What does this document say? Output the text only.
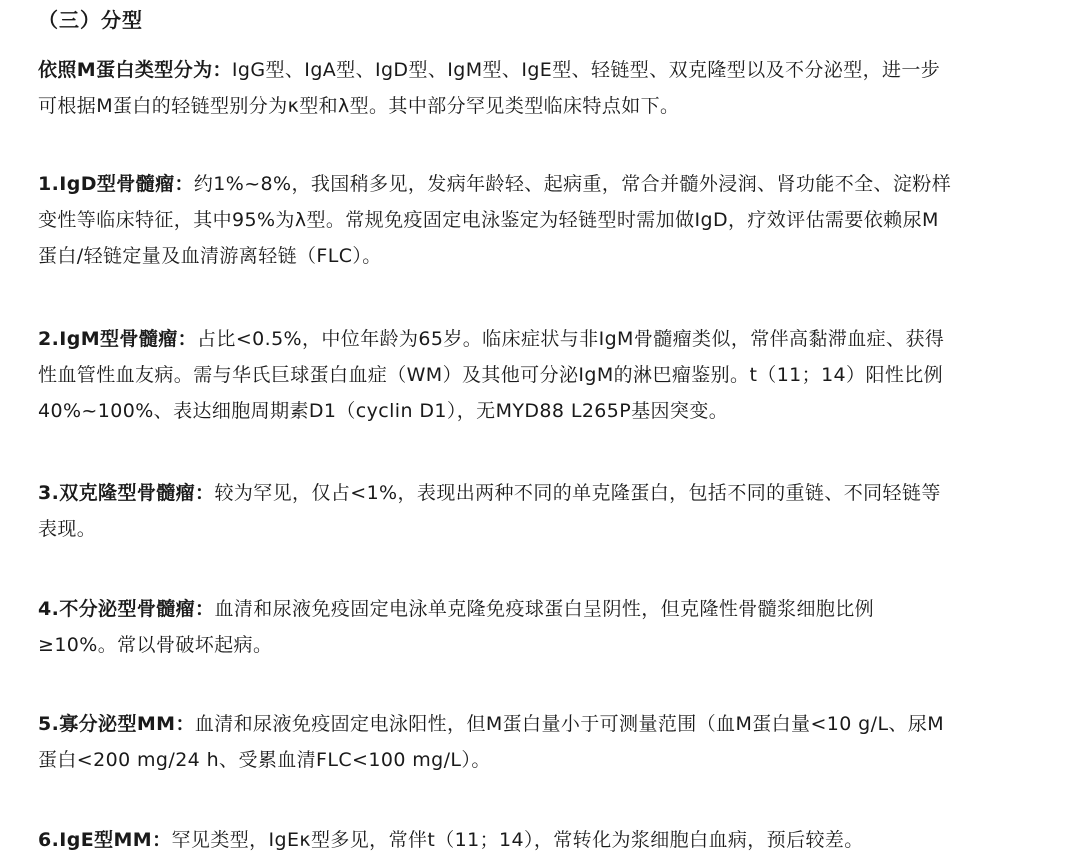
（三）分型

依照M蛋白类型分为：IgG型、IgA型、IgD型、IgM型、IgE型、轻链型、双克隆型以及不分泌型，进一步
可根据M蛋白的轻链型别分为κ型和λ型。其中部分罕见类型临床特点如下。

1.IgD型骨髓瘤：约1%~8%，我国稍多见，发病年龄轻、起病重，常合并髓外浸润、肾功能不全、淀粉样
变性等临床特征，其中95%为λ型。常规免疫固定电泳鉴定为轻链型时需加做IgD，疗效评估需要依赖尿M
蛋白/轻链定量及血清游离轻链（FLC）。

2.IgM型骨髓瘤：占比<0.5%，中位年龄为65岁。临床症状与非IgM骨髓瘤类似，常伴高黏滞血症、获得
性血管性血友病。需与华氏巨球蛋白血症（WM）及其他可分泌IgM的淋巴瘤鉴别。t（11；14）阳性比例
40%~100%、表达细胞周期素D1（cyclin D1），无MYD88 L265P基因突变。

3.双克隆型骨髓瘤：较为罕见，仅占<1%，表现出两种不同的单克隆蛋白，包括不同的重链、不同轻链等
表现。

4.不分泌型骨髓瘤：血清和尿液免疫固定电泳单克隆免疫球蛋白呈阴性，但克隆性骨髓浆细胞比例
≥10%。常以骨破坏起病。

5.寡分泌型MM：血清和尿液免疫固定电泳阳性，但M蛋白量小于可测量范围（血M蛋白量<10 g/L、尿M
蛋白<200 mg/24 h、受累血清FLC<100 mg/L）。

6.IgE型MM：罕见类型，IgEκ型多见，常伴t（11；14），常转化为浆细胞白血病，预后较差。
